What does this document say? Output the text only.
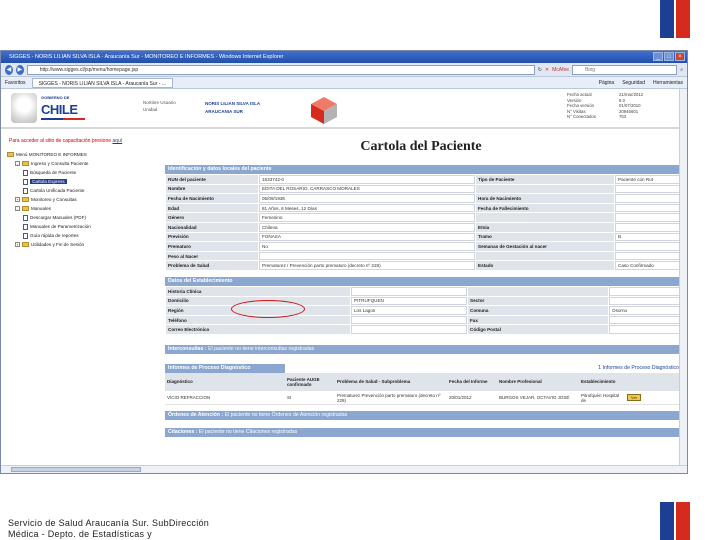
SIGGES - NORIS LILIAN SILVA ISLA - Araucanía Sur - MONITOREO E INFORMES - Windows Internet Explorer	_	□	×
◀ ▶	http://www.sigges.cl/jsp/menu/homepage.jsp	↻ ✕ McAfee	Bing	⌕
Favoritos	SIGGES - NORIS LILIAN SILVA ISLA - Araucanía Sur - ...	Página Seguridad Herramientas
GOBIERNO DE
CHILE	Nombre Usuario
Unidad
NORIS LILIAN SILVA ISLA
ARAUCANIA SUR
Fecha actual	21/mar/2012
Versión	8.0
Fecha versión	01/07/2010
N° Visitas	20946601
N° Conectados	753
Para acceder al sitio de capacitación presione aquí
Menú MONITOREO E INFORMES
-	Ingreso y Consulta Paciente
Búsqueda de Paciente
Cartola Express
Cartola Unificada Paciente
+	Monitoreo y Consultas
-	Manuales
Descargar Manuales (PDF)
Manuales de Parametrización
Guía rápida de reportes
+	Utilidades y Fin de Sesión
Cartola del Paciente
Identificación y datos locales del paciente
RUN del paciente	1633742-0	Tipo de Paciente	Paciente con Rut
Nombre	EDITA DEL ROSARIO, CARRASCO MORALES		
Fecha de Nacimiento	05/09/1936	Hora de Nacimiento	
Edad	81 Años, 6 Meses, 12 Días	Fecha de Fallecimiento	
Género	Femenino		
Nacionalidad	Chilena	Etnia	
Previsión	FONASA	Tramo	B
Prematuro	No	Semanas de Gestación al nacer	
Peso al Nacer			
Problema de Salud	Prematurez / Prevención parto prematuro (decreto nº 228)	Estado	Caso Confirmado
Datos del Establecimiento
Historia Clínica			
Domicilio	PITRUFQUEN	Sector	
Región	Los Lagos	Comuna	Osorno
Teléfono		Fax	
Correo Electrónico		Código Postal	
Interconsultas : El paciente no tiene interconsultas registradas
Informes de Proceso Diagnóstico	1 Informes de Proceso Diagnóstico
Diagnóstico	Paciente AUGE confirmado	Problema de Salud - Subproblema	Fecha del Informe	Nombre Profesional	Establecimiento	
VICIO REFRACCION	SI	Prematurez Prevención parto prematuro (decreto nº 228)	20/01/2012	BURGOS VEJAR, OCTAVIO JOSÉ	Pitrufquén Hospital de	Ver
Órdenes de Atención : El paciente no tiene Órdenes de Atención registradas
Citaciones : El paciente no tiene Citaciones registradas
Servicio de Salud Araucanía Sur. SubDirección
Médica - Depto. de Estadísticas y
